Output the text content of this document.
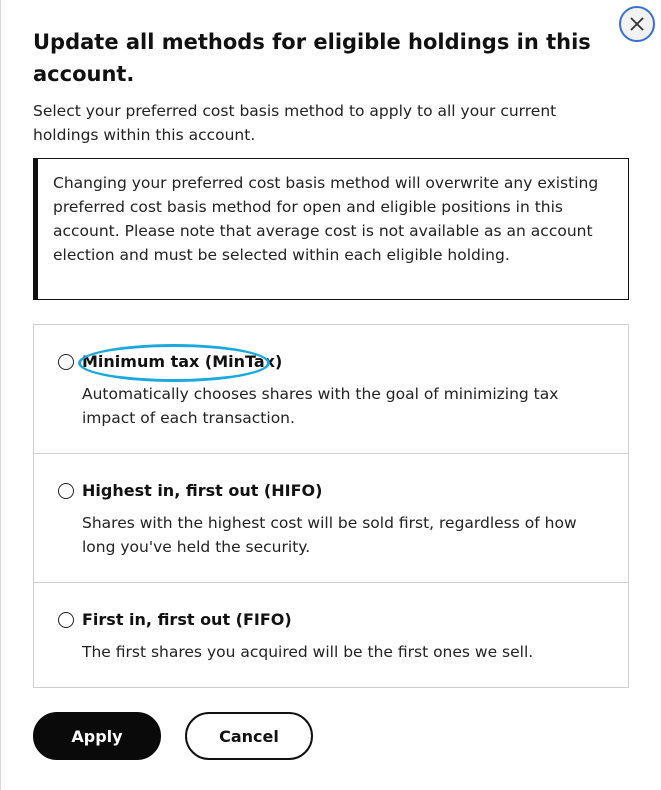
Update all methods for eligible holdings in this account.

Select your preferred cost basis method to apply to all your current holdings within this account.

Changing your preferred cost basis method will overwrite any existing preferred cost basis method for open and eligible positions in this account. Please note that average cost is not available as an account election and must be selected within each eligible holding.
Minimum tax (MinTax)
Automatically chooses shares with the goal of minimizing tax impact of each transaction.
Highest in, first out (HIFO)
Shares with the highest cost will be sold first, regardless of how long you've held the security.
First in, first out (FIFO)
The first shares you acquired will be the first ones we sell.
Apply	Cancel
